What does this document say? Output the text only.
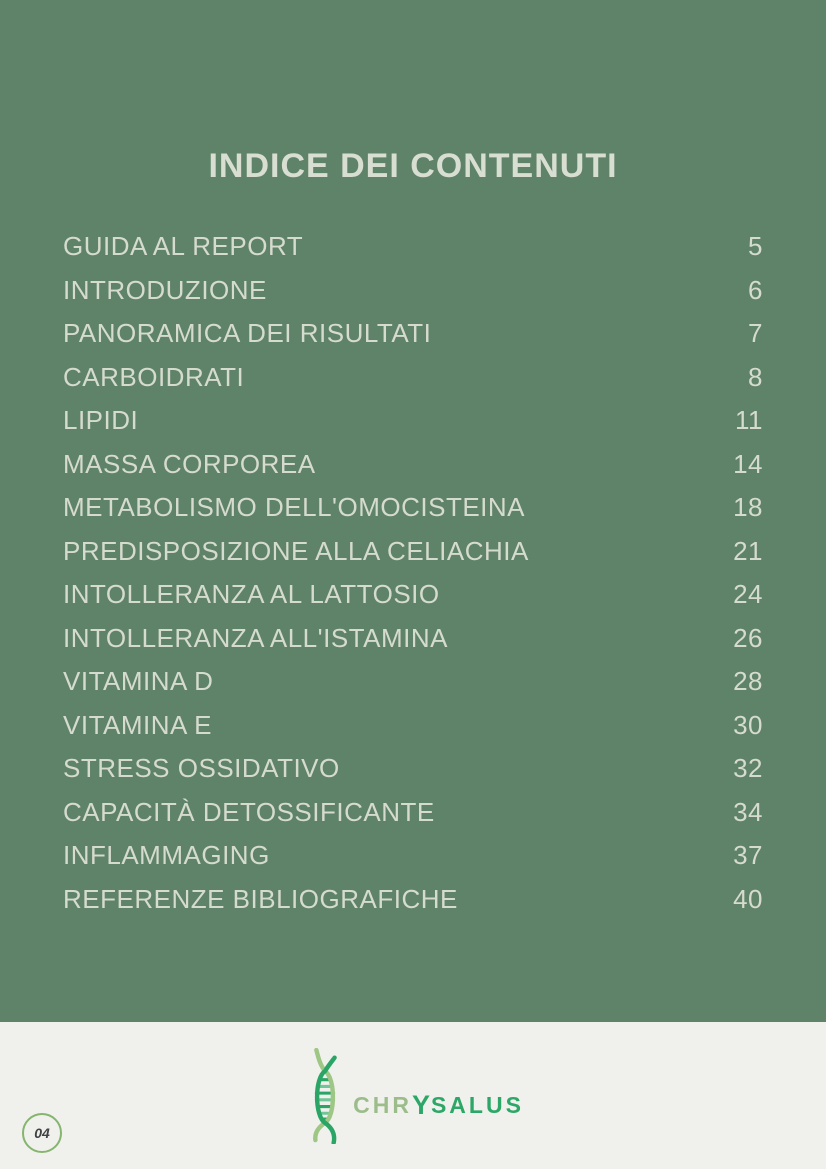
INDICE DEI CONTENUTI
GUIDA AL REPORT	5
INTRODUZIONE	6
PANORAMICA DEI RISULTATI	7
CARBOIDRATI	8
LIPIDI	11
MASSA CORPOREA	14
METABOLISMO DELL'OMOCISTEINA	18
PREDISPOSIZIONE ALLA CELIACHIA	21
INTOLLERANZA AL LATTOSIO	24
INTOLLERANZA ALL'ISTAMINA	26
VITAMINA D	28
VITAMINA E	30
STRESS OSSIDATIVO	32
CAPACITÀ DETOSSIFICANTE	34
INFLAMMAGING	37
REFERENZE BIBLIOGRAFICHE	40
CHR Y SALUS
04
